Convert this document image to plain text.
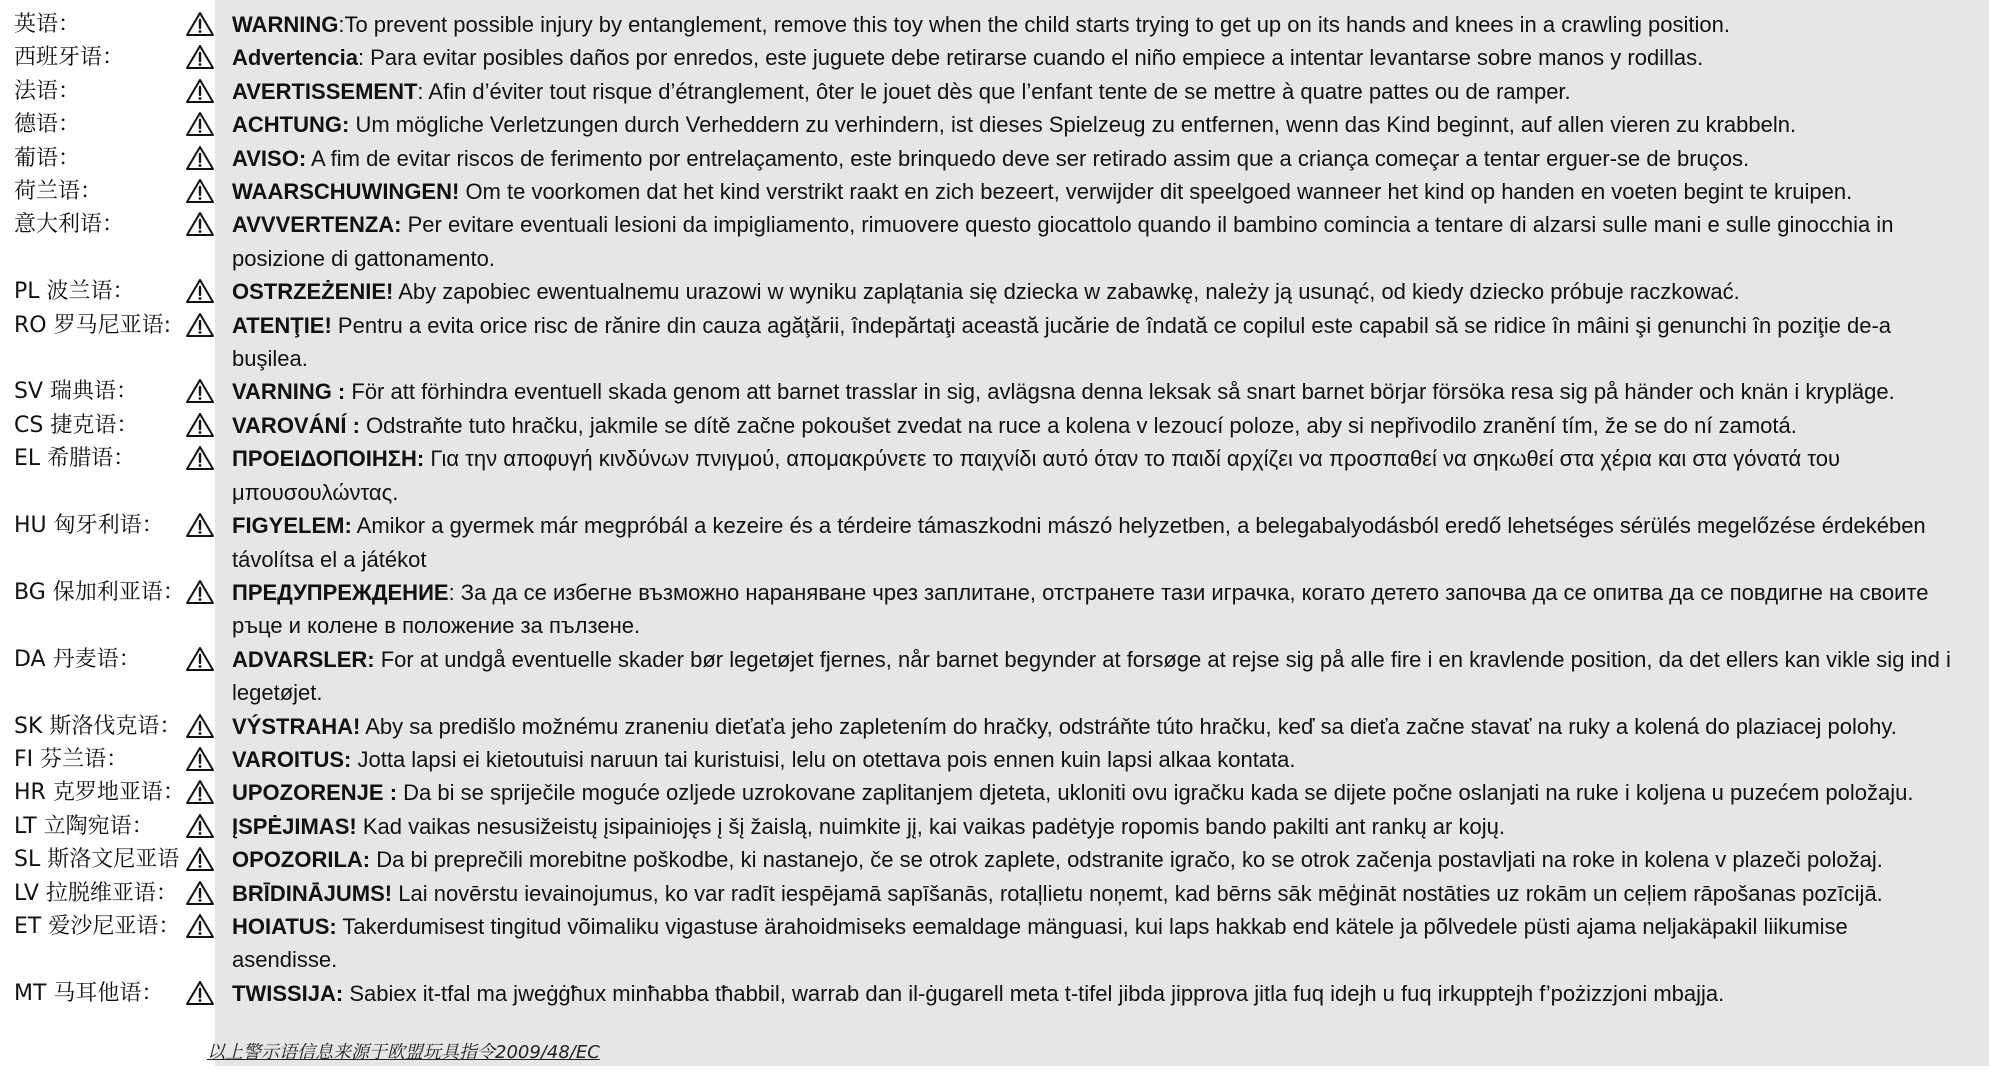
英语：	WARNING:To prevent possible injury by entanglement, remove this toy when the child starts trying to get up on its hands and knees in a crawling position.
西班牙语：	Advertencia: Para evitar posibles daños por enredos, este juguete debe retirarse cuando el niño empiece a intentar levantarse sobre manos y rodillas.
法语：	AVERTISSEMENT: Afin d’éviter tout risque d’étranglement, ôter le jouet dès que l’enfant tente de se mettre à quatre pattes ou de ramper.
德语：	ACHTUNG: Um mögliche Verletzungen durch Verheddern zu verhindern, ist dieses Spielzeug zu entfernen, wenn das Kind beginnt, auf allen vieren zu krabbeln.
葡语：	AVISO: A fim de evitar riscos de ferimento por entrelaçamento, este brinquedo deve ser retirado assim que a criança começar a tentar erguer-se de bruços.
荷兰语：	WAARSCHUWINGEN! Om te voorkomen dat het kind verstrikt raakt en zich bezeert, verwijder dit speelgoed wanneer het kind op handen en voeten begint te kruipen.
意大利语：	AVVVERTENZA: Per evitare eventuali lesioni da impigliamento, rimuovere questo giocattolo quando il bambino comincia a tentare di alzarsi sulle mani e sulle ginocchia in posizione di gattonamento.
PL 波兰语：	OSTRZEŻENIE! Aby zapobiec ewentualnemu urazowi w wyniku zaplątania się dziecka w zabawkę, należy ją usunąć, od kiedy dziecko próbuje raczkować.
RO 罗马尼亚语:	ATENŢIE! Pentru a evita orice risc de rănire din cauza agăţării, îndepărtaţi această jucărie de îndată ce copilul este capabil să se ridice în mâini şi genunchi în poziţie de-a buşilea.
SV 瑞典语：	VARNING : För att förhindra eventuell skada genom att barnet trasslar in sig, avlägsna denna leksak så snart barnet börjar försöka resa sig på händer och knän i krypläge.
CS 捷克语：	VAROVÁNÍ : Odstraňte tuto hračku, jakmile se dítě začne pokoušet zvedat na ruce a kolena v lezoucí poloze, aby si nepřivodilo zranění tím, že se do ní zamotá.
EL 希腊语：	ΠΡΟΕΙΔΟΠΟΙΗΣΗ: Για την αποφυγή κινδύνων πνιγμού, απομακρύνετε το παιχνίδι αυτό όταν το παιδί αρχίζει να προσπαθεί να σηκωθεί στα χέρια και στα γόνατά του μπουσουλώντας.
HU 匈牙利语：	FIGYELEM: Amikor a gyermek már megpróbál a kezeire és a térdeire támaszkodni mászó helyzetben, a belegabalyodásból eredő lehetséges sérülés megelőzése érdekében távolítsa el a játékot
BG 保加利亚语：	ПРЕДУПРЕЖДЕНИЕ: За да се избегне възможно нараняване чрез заплитане, отстранете тази играчка, когато детето започва да се опитва да се повдигне на своите ръце и колене в положение за пълзене.
DA 丹麦语：	ADVARSLER: For at undgå eventuelle skader bør legetøjet fjernes, når barnet begynder at forsøge at rejse sig på alle fire i en kravlende position, da det ellers kan vikle sig ind i legetøjet.
SK 斯洛伐克语：	VÝSTRAHA! Aby sa predišlo možnému zraneniu dieťaťa jeho zapletením do hračky, odstráňte túto hračku, keď sa dieťa začne stavať na ruky a kolená do plaziacej polohy.
FI 芬兰语：	VAROITUS: Jotta lapsi ei kietoutuisi naruun tai kuristuisi, lelu on otettava pois ennen kuin lapsi alkaa kontata.
HR 克罗地亚语：	UPOZORENJE : Da bi se spriječile moguće ozljede uzrokovane zaplitanjem djeteta, ukloniti ovu igračku kada se dijete počne oslanjati na ruke i koljena u puzećem položaju.
LT 立陶宛语：	ĮSPĖJIMAS! Kad vaikas nesusižeistų įsipainiojęs į šį žaislą, nuimkite jį, kai vaikas padėtyje ropomis bando pakilti ant rankų ar kojų.
SL 斯洛文尼亚语	OPOZORILA: Da bi preprečili morebitne poškodbe, ki nastanejo, če se otrok zaplete, odstranite igračo, ko se otrok začenja postavljati na roke in kolena v plazeči položaj.
LV 拉脱维亚语：	BRĪDINĀJUMS! Lai novērstu ievainojumus, ko var radīt iespējamā sapīšanās, rotaļlietu noņemt, kad bērns sāk mēģināt nostāties uz rokām un ceļiem rāpošanas pozīcijā.
ET 爱沙尼亚语：	HOIATUS: Takerdumisest tingitud võimaliku vigastuse ärahoidmiseks eemaldage mänguasi, kui laps hakkab end kätele ja põlvedele püsti ajama neljakäpakil liikumise asendisse.
MT 马耳他语：	TWISSIJA: Sabiex it-tfal ma jweġġħux minħabba tħabbil, warrab dan il-ġugarell meta t-tifel jibda jipprova jitla fuq idejh u fuq irkupptejh f’pożizzjoni mbajja.
以上警示语信息来源于欧盟玩具指令2009/48/EC
